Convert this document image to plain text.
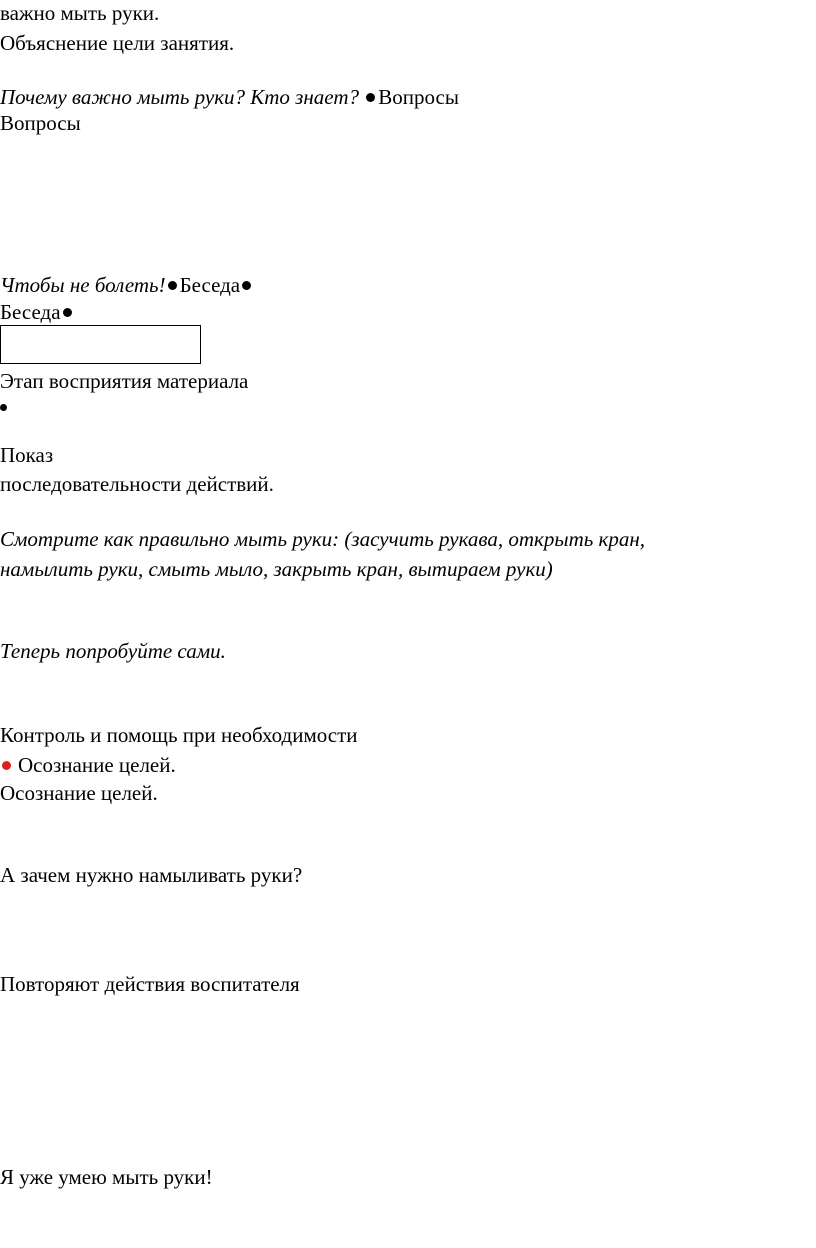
важно мыть руки.
Объяснение цели занятия.
Почему важно мыть руки? Кто знает? Вопросы
Вопросы
Чтобы не болеть! Беседа
Беседа
Этап восприятия материала
Показ
последовательности действий.
Смотрите как правильно мыть руки: (засучить рукава, открыть кран,
намылить руки, смыть мыло, закрыть кран, вытираем руки)
Теперь попробуйте сами.
Контроль и помощь при необходимости
Осознание целей.
Осознание целей.
А зачем нужно намыливать руки?
Повторяют действия воспитателя
Я уже умею мыть руки!
